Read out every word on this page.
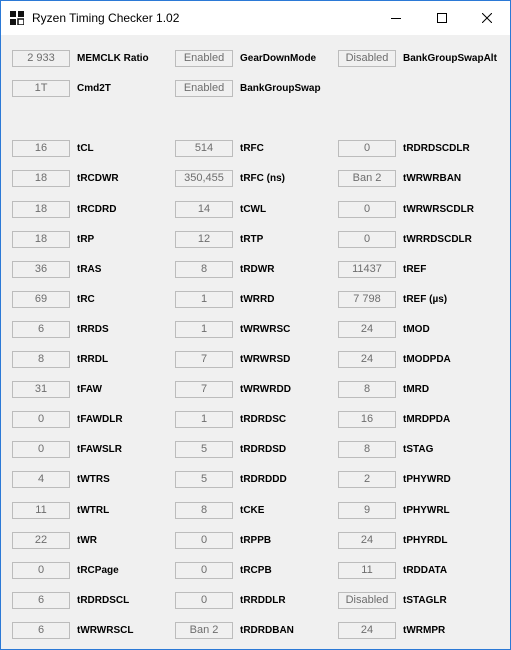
Ryzen Timing Checker 1.02
2 933	MEMCLK Ratio	Enabled	GearDownMode	Disabled	BankGroupSwapAlt
1T	Cmd2T	Enabled	BankGroupSwap
16	tCL	514	tRFC	0	tRDRDSCDLR
18	tRCDWR	350,455	tRFC (ns)	Ban 2	tWRWRBAN
18	tRCDRD	14	tCWL	0	tWRWRSCDLR
18	tRP	12	tRTP	0	tWRRDSCDLR
36	tRAS	8	tRDWR	11437	tREF
69	tRC	1	tWRRD	7 798	tREF (µs)
6	tRRDS	1	tWRWRSC	24	tMOD
8	tRRDL	7	tWRWRSD	24	tMODPDA
31	tFAW	7	tWRWRDD	8	tMRD
0	tFAWDLR	1	tRDRDSC	16	tMRDPDA
0	tFAWSLR	5	tRDRDSD	8	tSTAG
4	tWTRS	5	tRDRDDD	2	tPHYWRD
11	tWTRL	8	tCKE	9	tPHYWRL
22	tWR	0	tRPPB	24	tPHYRDL
0	tRCPage	0	tRCPB	11	tRDDATA
6	tRDRDSCL	0	tRRDDLR	Disabled	tSTAGLR
6	tWRWRSCL	Ban 2	tRDRDBAN	24	tWRMPR
